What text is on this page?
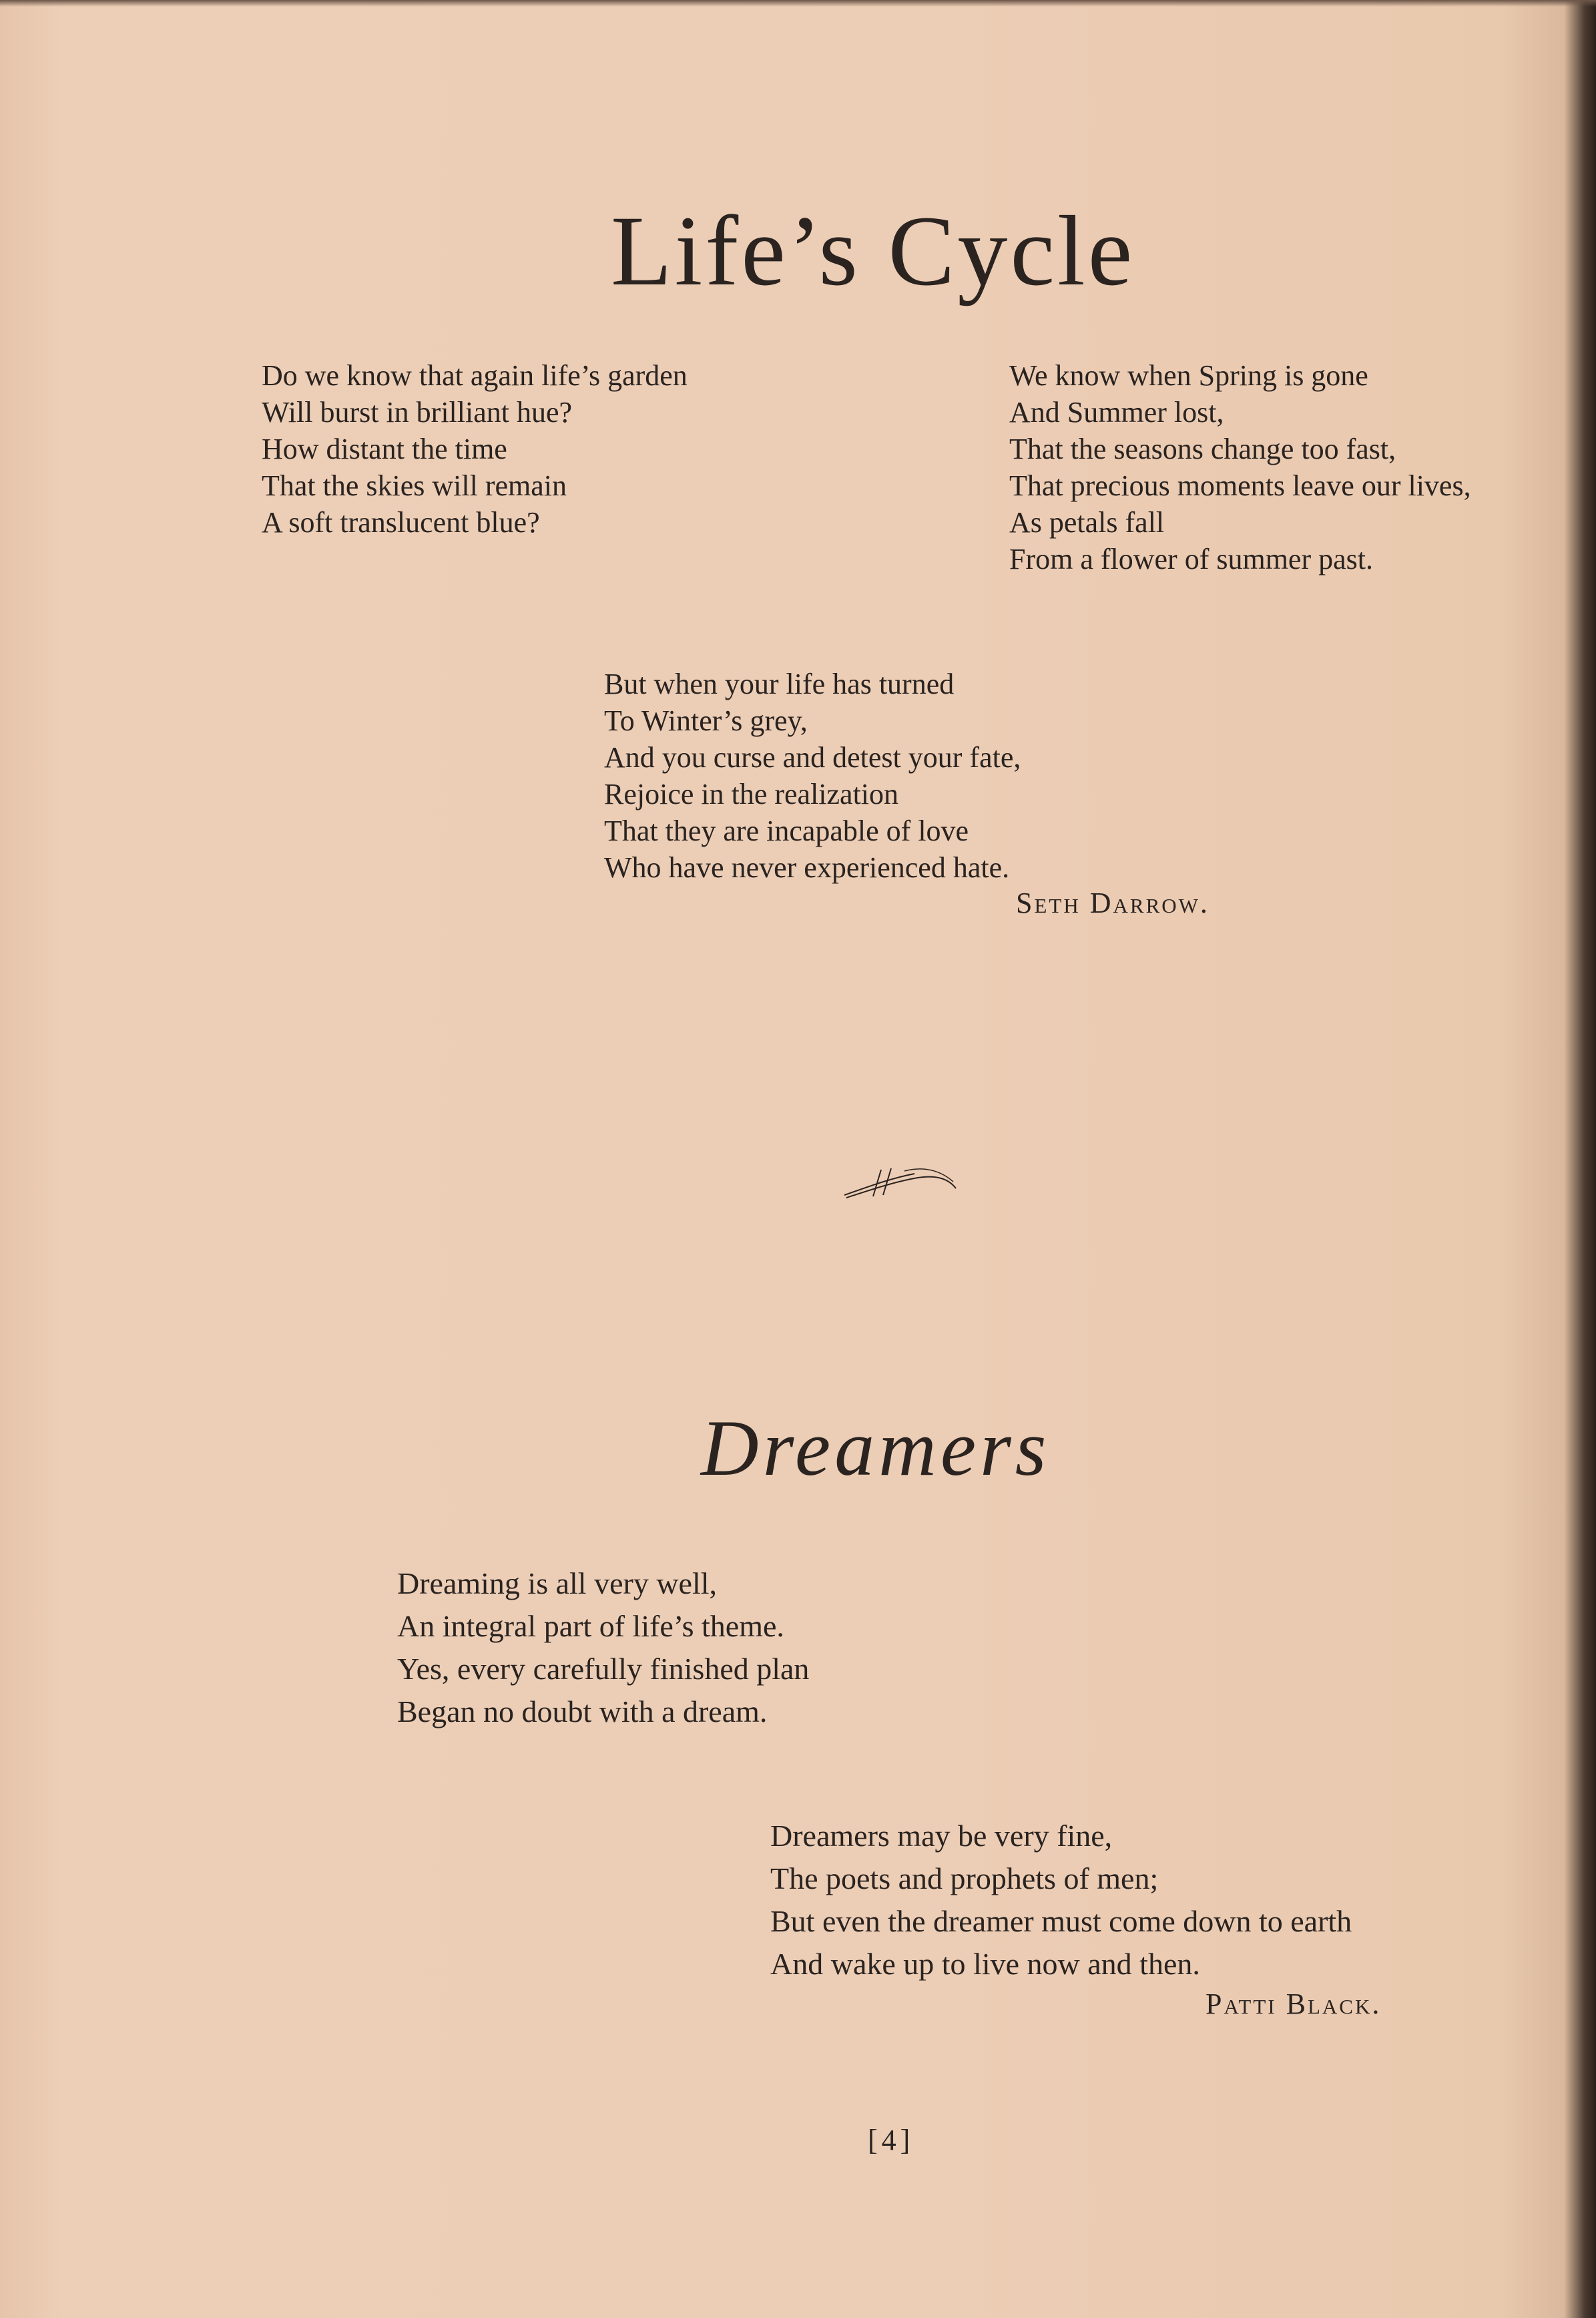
Life’s Cycle
Do we know that again life’s garden
Will burst in brilliant hue?
How distant the time
That the skies will remain
A soft translucent blue?
We know when Spring is gone
And Summer lost,
That the seasons change too fast,
That precious moments leave our lives,
As petals fall
From a flower of summer past.
But when your life has turned
To Winter’s grey,
And you curse and detest your fate,
Rejoice in the realization
That they are incapable of love
Who have never experienced hate.
Seth Darrow.
Dreamers
Dreaming is all very well,
An integral part of life’s theme.
Yes, every carefully finished plan
Began no doubt with a dream.
Dreamers may be very fine,
The poets and prophets of men;
But even the dreamer must come down to earth
And wake up to live now and then.
Patti Black.
[4]
